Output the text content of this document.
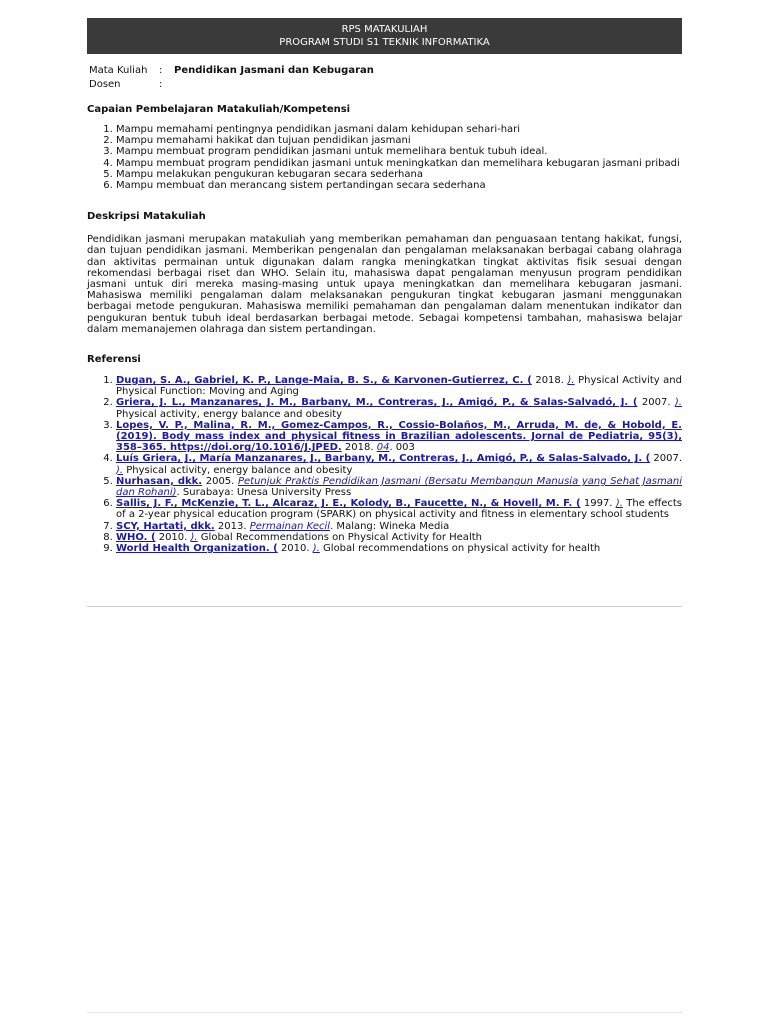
RPS MATAKULIAH
PROGRAM STUDI S1 TEKNIK INFORMATIKA
Mata Kuliah	:	Pendidikan Jasmani dan Kebugaran
Dosen	:
Capaian Pembelajaran Matakuliah/Kompetensi
1. Mampu memahami pentingnya pendidikan jasmani dalam kehidupan sehari-hari
2. Mampu memahami hakikat dan tujuan pendidikan jasmani
3. Mampu membuat program pendidikan jasmani untuk memelihara bentuk tubuh ideal.
4. Mampu membuat program pendidikan jasmani untuk meningkatkan dan memelihara kebugaran jasmani pribadi
5. Mampu melakukan pengukuran kebugaran secara sederhana
6. Mampu membuat dan merancang sistem pertandingan secara sederhana
Deskripsi Matakuliah
Pendidikan jasmani merupakan matakuliah yang memberikan pemahaman dan penguasaan tentang hakikat, fungsi, dan tujuan pendidikan jasmani. Memberikan pengenalan dan pengalaman melaksanakan berbagai cabang olahraga dan aktivitas permainan untuk digunakan dalam rangka meningkatkan tingkat aktivitas fisik sesuai dengan rekomendasi berbagai riset dan WHO. Selain itu, mahasiswa dapat pengalaman menyusun program pendidikan jasmani untuk diri mereka masing-masing untuk upaya meningkatkan dan memelihara kebugaran jasmani. Mahasiswa memiliki pengalaman dalam melaksanakan pengukuran tingkat kebugaran jasmani menggunakan berbagai metode pengukuran. Mahasiswa memiliki pemahaman dan pengalaman dalam menentukan indikator dan pengukuran bentuk tubuh ideal berdasarkan berbagai metode. Sebagai kompetensi tambahan, mahasiswa belajar dalam memanajemen olahraga dan sistem pertandingan.
Referensi
1. Dugan, S. A., Gabriel, K. P., Lange-Maia, B. S., & Karvonen-Gutierrez, C. ( 2018. ). Physical Activity and Physical Function: Moving and Aging
2. Griera, J. L., Manzanares, J. M., Barbany, M., Contreras, J., Amigó, P., & Salas-Salvadó, J. ( 2007. ). Physical activity, energy balance and obesity
3. Lopes, V. P., Malina, R. M., Gomez-Campos, R., Cossio-Bolaños, M., Arruda, M. de, & Hobold, E. (2019). Body mass index and physical fitness in Brazilian adolescents. Jornal de Pediatria, 95(3), 358–365. https://doi.org/10.1016/J.JPED. 2018. 04. 003
4. Luís Griera, J., María Manzanares, J., Barbany, M., Contreras, J., Amigó, P., & Salas-Salvado, J. ( 2007. ). Physical activity, energy balance and obesity
5. Nurhasan, dkk. 2005. Petunjuk Praktis Pendidikan Jasmani (Bersatu Membangun Manusia yang Sehat Jasmani dan Rohani). Surabaya: Unesa University Press
6. Sallis, J. F., McKenzie, T. L., Alcaraz, J. E., Kolody, B., Faucette, N., & Hovell, M. F. ( 1997. ). The effects of a 2-year physical education program (SPARK) on physical activity and fitness in elementary school students
7. SCY, Hartati, dkk. 2013. Permainan Kecil. Malang: Wineka Media
8. WHO. ( 2010. ). Global Recommendations on Physical Activity for Health
9. World Health Organization. ( 2010. ). Global recommendations on physical activity for health
